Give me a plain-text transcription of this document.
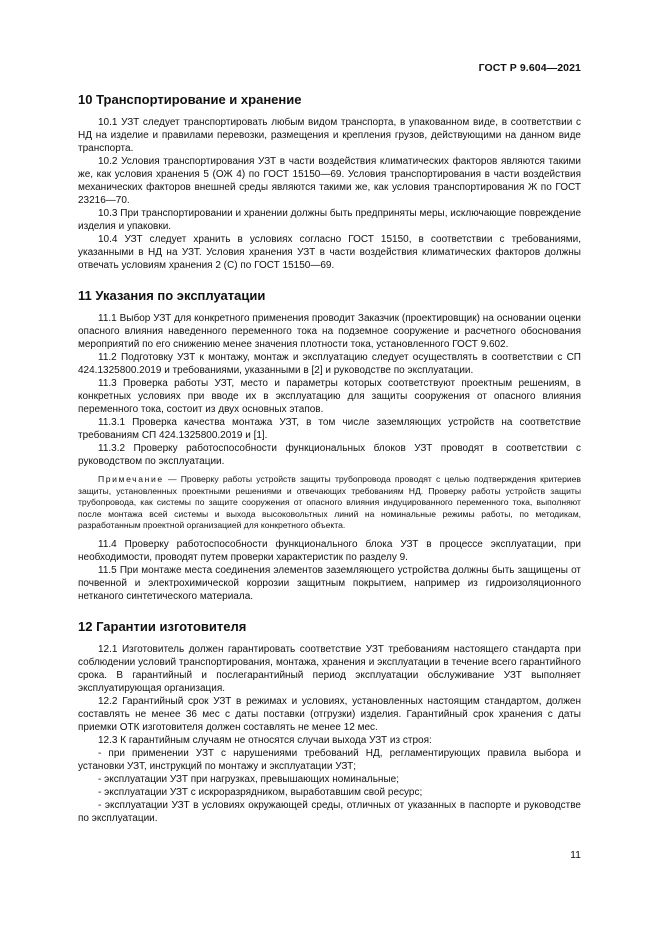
ГОСТ Р 9.604—2021
10 Транспортирование и хранение

10.1 УЗТ следует транспортировать любым видом транспорта, в упакованном виде, в соответствии с НД на изделие и правилами перевозки, размещения и крепления грузов, действующими на данном виде транспорта.

10.2 Условия транспортирования УЗТ в части воздействия климатических факторов являются такими же, как условия хранения 5 (ОЖ 4) по ГОСТ 15150—69. Условия транспортирования в части воздействия механических факторов внешней среды являются такими же, как условия транспортирования Ж по ГОСТ 23216—70.

10.3 При транспортировании и хранении должны быть предприняты меры, исключающие повреждение изделия и упаковки.

10.4 УЗТ следует хранить в условиях согласно ГОСТ 15150, в соответствии с требованиями, указанными в НД на УЗТ. Условия хранения УЗТ в части воздействия климатических факторов должны отвечать условиям хранения 2 (С) по ГОСТ 15150—69.

11 Указания по эксплуатации

11.1 Выбор УЗТ для конкретного применения проводит Заказчик (проектировщик) на основании оценки опасного влияния наведенного переменного тока на подземное сооружение и расчетного обоснования мероприятий по его снижению менее значения плотности тока, установленного ГОСТ 9.602.

11.2 Подготовку УЗТ к монтажу, монтаж и эксплуатацию следует осуществлять в соответствии с СП 424.1325800.2019 и требованиями, указанными в [2] и руководстве по эксплуатации.

11.3 Проверка работы УЗТ, место и параметры которых соответствуют проектным решениям, в конкретных условиях при вводе их в эксплуатацию для защиты сооружения от опасного влияния переменного тока, состоит из двух основных этапов.

11.3.1 Проверка качества монтажа УЗТ, в том числе заземляющих устройств на соответствие требованиям СП 424.1325800.2019 и [1].

11.3.2 Проверку работоспособности функциональных блоков УЗТ проводят в соответствии с руководством по эксплуатации.

Примечание — Проверку работы устройств защиты трубопровода проводят с целью подтверждения критериев защиты, установленных проектными решениями и отвечающих требованиям НД. Проверку работы устройств защиты трубопровода, как системы по защите сооружения от опасного влияния индуцированного переменного тока, выполняют после монтажа всей системы и выхода высоковольтных линий на номинальные режимы работы, по методикам, разработанным проектной организацией для конкретного объекта.

11.4 Проверку работоспособности функционального блока УЗТ в процессе эксплуатации, при необходимости, проводят путем проверки характеристик по разделу 9.

11.5 При монтаже места соединения элементов заземляющего устройства должны быть защищены от почвенной и электрохимической коррозии защитным покрытием, например из гидроизоляционного нетканого синтетического материала.

12 Гарантии изготовителя

12.1 Изготовитель должен гарантировать соответствие УЗТ требованиям настоящего стандарта при соблюдении условий транспортирования, монтажа, хранения и эксплуатации в течение всего гарантийного срока. В гарантийный и послегарантийный период эксплуатации обслуживание УЗТ выполняет эксплуатирующая организация.

12.2 Гарантийный срок УЗТ в режимах и условиях, установленных настоящим стандартом, должен составлять не менее 36 мес с даты поставки (отгрузки) изделия. Гарантийный срок хранения с даты приемки ОТК изготовителя должен составлять не менее 12 мес.

12.3 К гарантийным случаям не относятся случаи выхода УЗТ из строя:

- при применении УЗТ с нарушениями требований НД, регламентирующих правила выбора и установки УЗТ, инструкций по монтажу и эксплуатации УЗТ;

- эксплуатации УЗТ при нагрузках, превышающих номинальные;

- эксплуатации УЗТ с искроразрядником, выработавшим свой ресурс;

- эксплуатации УЗТ в условиях окружающей среды, отличных от указанных в паспорте и руководстве по эксплуатации.

11
